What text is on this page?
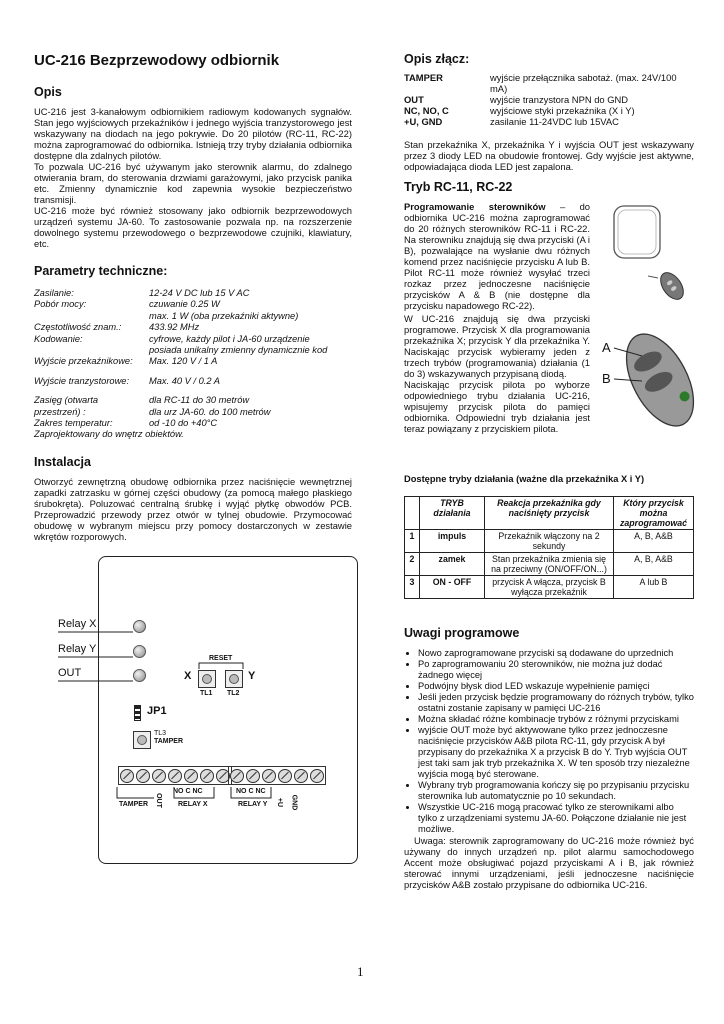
UC-216 Bezprzewodowy odbiornik
Opis

UC-216 jest 3-kanałowym odbiornikiem radiowym kodowanych sygnałów. Stan jego wyjściowych przekaźników i jednego wyjścia tranzystorowego jest wskazywany na diodach na jego pokrywie. Do 20 pilotów (RC-11, RC-22) można zaprogramować do odbiornika. Istnieją trzy tryby działania odbiornika dostępne dla zdalnych pilotów.

To pozwala UC-216 być używanym jako sterownik alarmu, do zdalnego otwierania bram, do sterowania drzwiami garażowymi, jako przycisk panika etc. Zmienny dynamicznie kod zapewnia wysokie bezpieczeństwo transmisji.

UC-216 może być również stosowany jako odbiornik bezprzewodowych urządzeń systemu JA-60. To zastosowanie pozwala np. na rozszerzenie dowolnego systemu przewodowego o bezprzewodowe czujniki, klawiatury, etc.

Parametry techniczne:
Zasilanie:	12-24 V DC lub 15 V AC
Pobór mocy:	czuwanie 0.25 W
max. 1 W (oba przekaźniki aktywne)
Częstotliwość znam.:	433.92 MHz
Kodowanie:	cyfrowe, każdy pilot i JA-60 urządzenie
posiada unikalny zmienny dynamicznie kod
Wyjście przekaźnikowe:	Max. 120 V / 1 A
Wyjście tranzystorowe:	Max. 40 V / 0.2 A
Zasięg (otwarta	dla RC-11 do 30 metrów
przestrzeń) :	dla urz JA-60. do 100 metrów
Zakres temperatur:	od -10 do +40°C
Zaprojektowany do wnętrz obiektów.
Instalacja

Otworzyć zewnętrzną obudowę odbiornika przez naciśnięcie wewnętrznej zapadki zatrzasku w górnej części obudowy (za pomocą małego płaskiego śrubokręta). Poluzować centralną śrubkę i wyjąć płytkę obwodów PCB. Przeprowadzić przewody przez otwór w tylnej obudowie. Przymocować obudowę w wybranym miejscu przy pomocy dostarczonych w zestawie wkrętów rozporowych.

Relay X
Relay Y
OUT
RESET
X	Y
TL1 TL2
JP1
TL3
TAMPER
NO C NC	NO C NC
TAMPER OUT RELAY X	RELAY Y +U GND
Opis złącz:
TAMPER	wyjście przełącznika sabotaż. (max. 24V/100 mA)
OUT	wyjście tranzystora NPN do GND
NC, NO, C	wyjściowe styki przekaźnika (X i Y)
+U, GND	zasilanie 11-24VDC lub 15VAC

Stan przekaźnika X, przekaźnika Y i wyjścia OUT jest wskazywany przez 3 diody LED na obudowie frontowej. Gdy wyjście jest aktywne, odpowiadająca dioda LED jest zapalona.

Tryb RC-11, RC-22

Programowanie sterowników – do odbiornika UC-216 można zaprogramować do 20 różnych sterowników RC-11 i RC-22. Na sterowniku znajdują się dwa przyciski (A i B), pozwalające na wysłanie dwu różnych komend przez naciśnięcie przycisku A lub B. Pilot RC-11 może również wysyłać trzeci rozkaz przez jednoczesne naciśnięcie przycisków A & B (nie dostępne dla przycisku napadowego RC-22).

W UC-216 znajdują się dwa przyciski programowe. Przycisk X dla programowania przekaźnika X; przycisk Y dla przekaźnika Y. Naciskając przycisk wybieramy jeden z trzech trybów (programowania) działania (1 do 3) wskazywanych przypisaną diodą.

Naciskając przycisk pilota po wyborze odpowiedniego trybu działania UC-216, wpisujemy przycisk pilota do pamięci odbiornika. Odpowiedni tryb działania jest teraz powiązany z przyciskiem pilota.

A
B
Dostępne tryby działania (ważne dla przekaźnika X i Y)
	TRYB działania	Reakcja przekaźnika gdy naciśnięty przycisk	Który przycisk można zaprogramować
1	impuls	Przekaźnik włączony na 2 sekundy	A, B, A&B
2	zamek	Stan przekaźnika zmienia się na przeciwny (ON/OFF/ON...)	A, B, A&B
3	ON - OFF	przycisk A włącza, przycisk B wyłącza przekaźnik	A lub B
Uwagi programowe
• Nowo zaprogramowane przyciski są dodawane do uprzednich
• Po zaprogramowaniu 20 sterowników, nie można już dodać żadnego więcej
• Podwójny błysk diod LED wskazuje wypełnienie pamięci
• Jeśli jeden przycisk będzie programowany do różnych trybów, tylko ostatni zostanie zapisany w pamięci UC-216
• Można składać różne kombinacje trybów z różnymi przyciskami
• wyjście OUT może być aktywowane tylko przez jednoczesne naciśnięcie przycisków A&B pilota RC-11, gdy przycisk A był przypisany do przekaźnika X a przycisk B do Y. Tryb wyjścia OUT jest taki sam jak tryb przekaźnika X. W ten sposób trzy niezależne wyjścia mogą być sterowane.
• Wybrany tryb programowania kończy się po przypisaniu przycisku sterownika lub automatycznie po 10 sekundach.
• Wszystkie UC-216 mogą pracować tylko ze sterownikami albo tylko z urządzeniami systemu JA-60. Połączone działanie nie jest możliwe.

Uwaga: sterownik zaprogramowany do UC-216 może również być używany do innych urządzeń np. pilot alarmu samochodowego Accent może obsługiwać pojazd przyciskami A i B, jak również sterować innymi urządzeniami, jeśli jednoczesne naciśnięcie przycisków A&B zostało przypisane do odbiornika UC-216.

1
